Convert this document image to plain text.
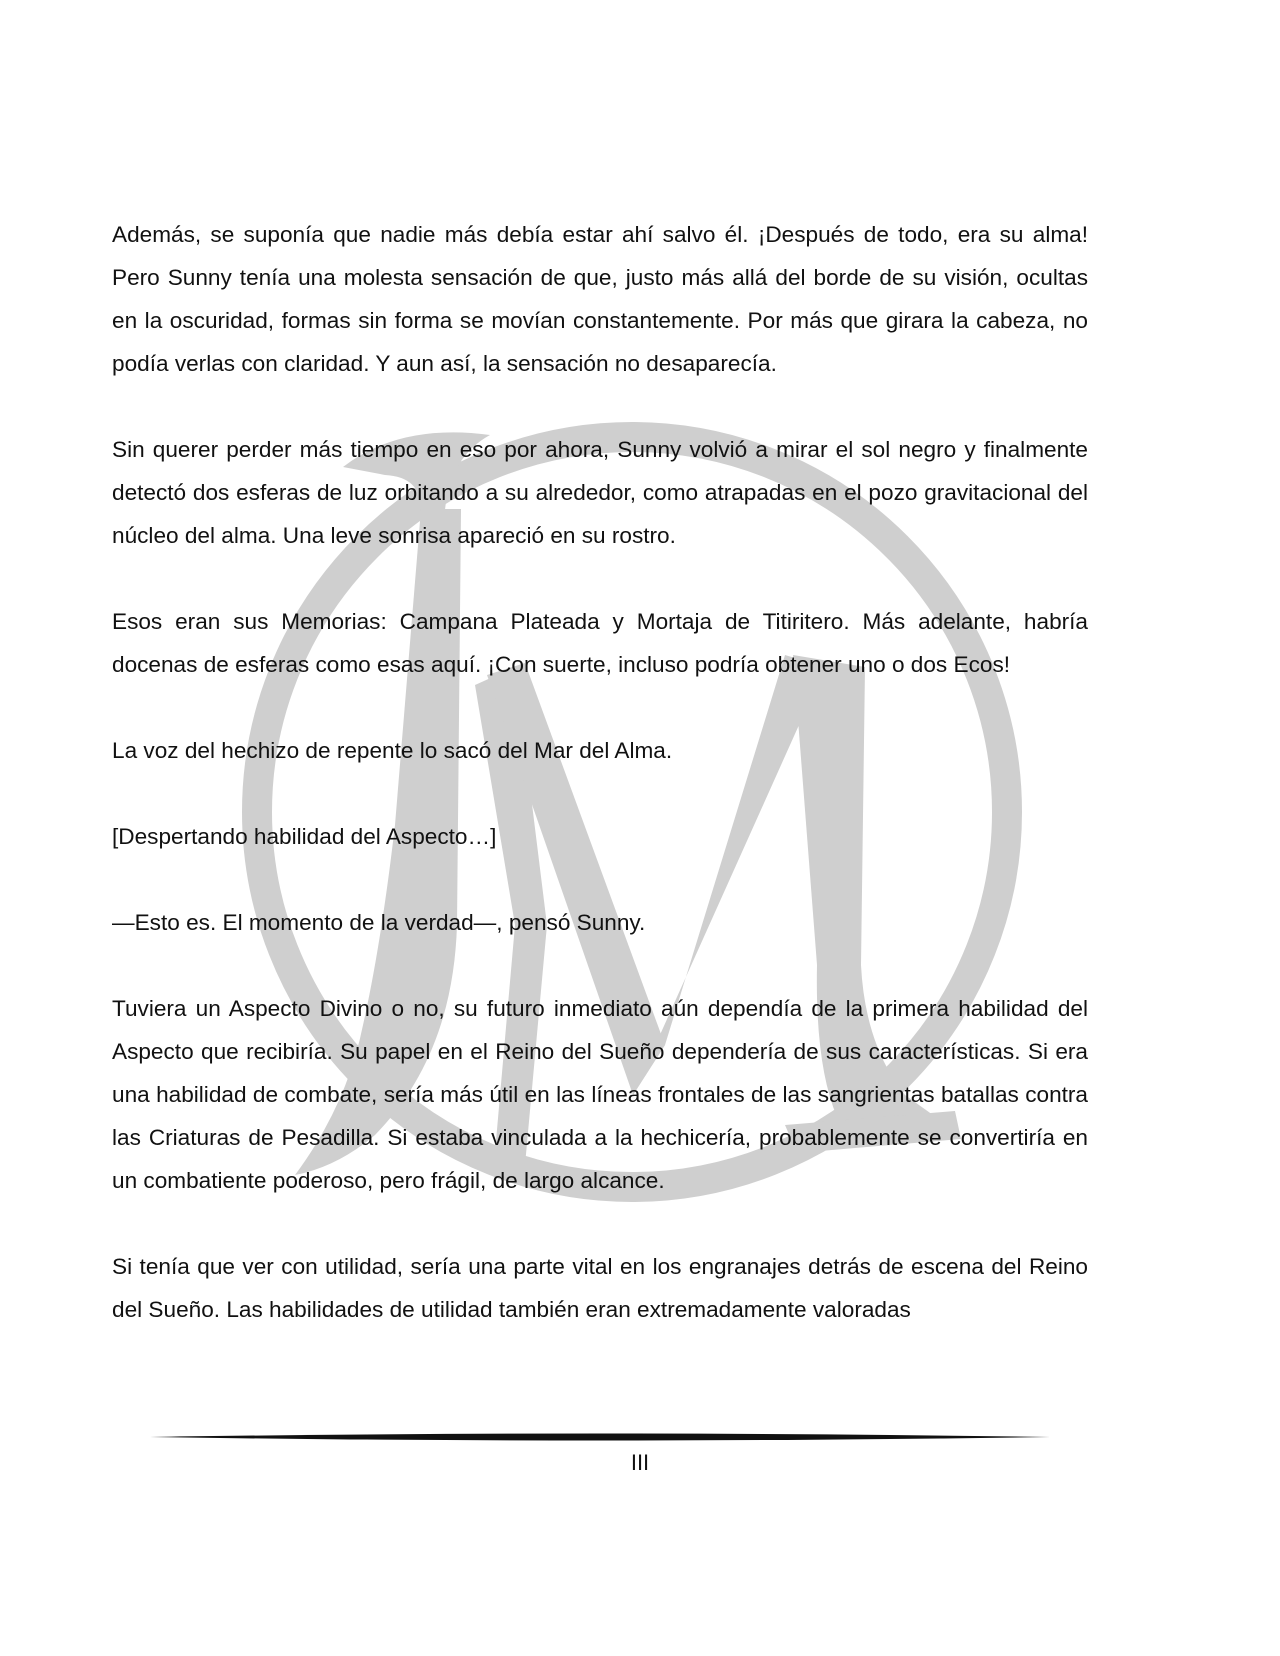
Además, se suponía que nadie más debía estar ahí salvo él. ¡Después de todo, era su alma! Pero Sunny tenía una molesta sensación de que, justo más allá del borde de su visión, ocultas en la oscuridad, formas sin forma se movían constantemente. Por más que girara la cabeza, no podía verlas con claridad. Y aun así, la sensación no desaparecía.

Sin querer perder más tiempo en eso por ahora, Sunny volvió a mirar el sol negro y finalmente detectó dos esferas de luz orbitando a su alrededor, como atrapadas en el pozo gravitacional del núcleo del alma. Una leve sonrisa apareció en su rostro.

Esos eran sus Memorias: Campana Plateada y Mortaja de Titiritero. Más adelante, habría docenas de esferas como esas aquí. ¡Con suerte, incluso podría obtener uno o dos Ecos!

La voz del hechizo de repente lo sacó del Mar del Alma.

[Despertando habilidad del Aspecto…]

—Esto es. El momento de la verdad—, pensó Sunny.

Tuviera un Aspecto Divino o no, su futuro inmediato aún dependía de la primera habilidad del Aspecto que recibiría. Su papel en el Reino del Sueño dependería de sus características. Si era una habilidad de combate, sería más útil en las líneas frontales de las sangrientas batallas contra las Criaturas de Pesadilla. Si estaba vinculada a la hechicería, probablemente se convertiría en un combatiente poderoso, pero frágil, de largo alcance.

Si tenía que ver con utilidad, sería una parte vital en los engranajes detrás de escena del Reino del Sueño. Las habilidades de utilidad también eran extremadamente valoradas

III
